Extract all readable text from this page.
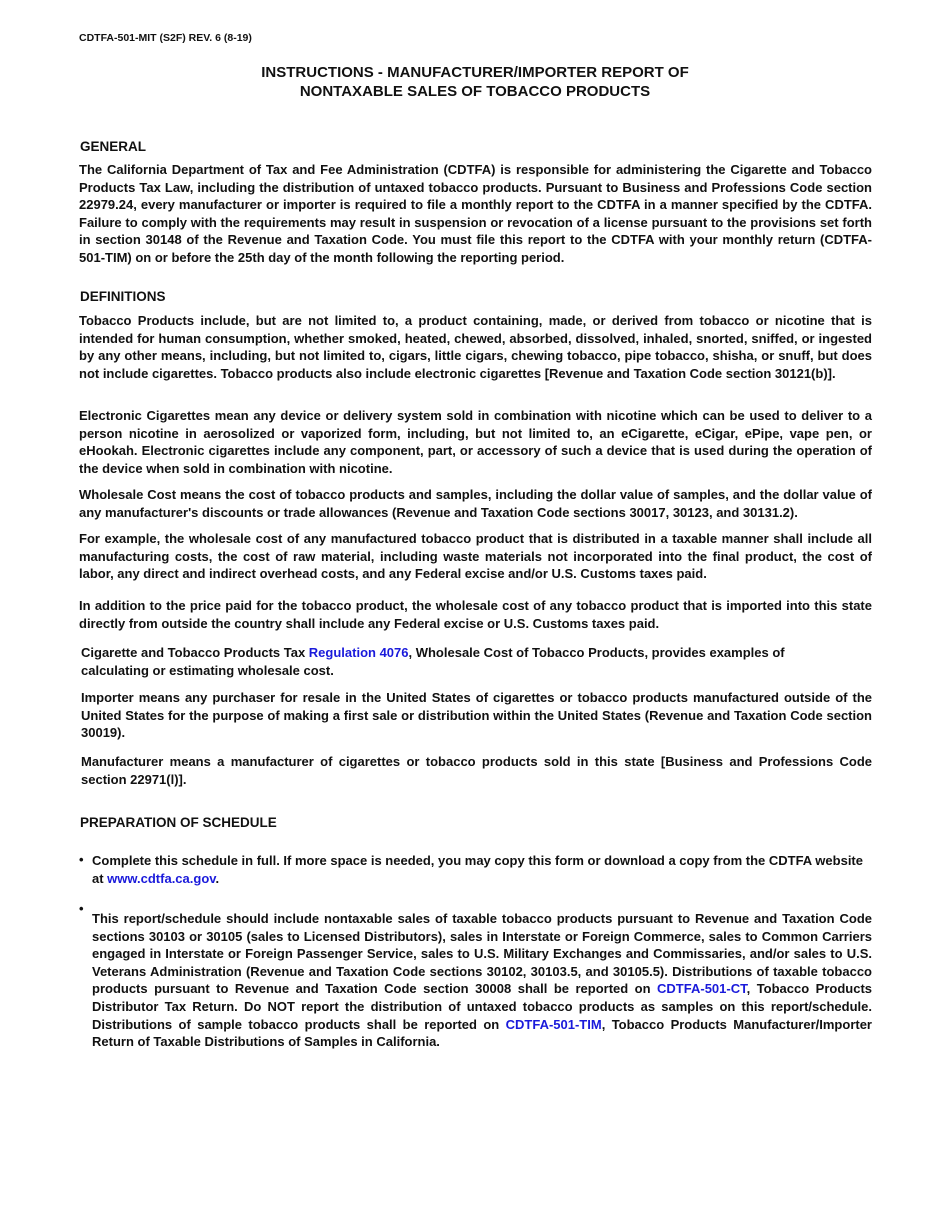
CDTFA-501-MIT (S2F) REV. 6 (8-19)
INSTRUCTIONS - MANUFACTURER/IMPORTER REPORT OF
NONTAXABLE SALES OF TOBACCO PRODUCTS
GENERAL

The California Department of Tax and Fee Administration (CDTFA) is responsible for administering the Cigarette and Tobacco Products Tax Law, including the distribution of untaxed tobacco products. Pursuant to Business and Professions Code section 22979.24, every manufacturer or importer is required to file a monthly report to the CDTFA in a manner specified by the CDTFA. Failure to comply with the requirements may result in suspension or revocation of a license pursuant to the provisions set forth in section 30148 of the Revenue and Taxation Code. You must file this report to the CDTFA with your monthly return (CDTFA-501-TIM) on or before the 25th day of the month following the reporting period.

DEFINITIONS

Tobacco Products include, but are not limited to, a product containing, made, or derived from tobacco or nicotine that is intended for human consumption, whether smoked, heated, chewed, absorbed, dissolved, inhaled, snorted, sniffed, or ingested by any other means, including, but not limited to, cigars, little cigars, chewing tobacco, pipe tobacco, shisha, or snuff, but does not include cigarettes. Tobacco products also include electronic cigarettes [Revenue and Taxation Code section 30121(b)].

Electronic Cigarettes mean any device or delivery system sold in combination with nicotine which can be used to deliver to a person nicotine in aerosolized or vaporized form, including, but not limited to, an eCigarette, eCigar, ePipe, vape pen, or eHookah. Electronic cigarettes include any component, part, or accessory of such a device that is used during the operation of the device when sold in combination with nicotine.

Wholesale Cost means the cost of tobacco products and samples, including the dollar value of samples, and the dollar value of any manufacturer's discounts or trade allowances (Revenue and Taxation Code sections 30017, 30123, and 30131.2).

For example, the wholesale cost of any manufactured tobacco product that is distributed in a taxable manner shall include all manufacturing costs, the cost of raw material, including waste materials not incorporated into the final product, the cost of labor, any direct and indirect overhead costs, and any Federal excise and/or U.S. Customs taxes paid.

In addition to the price paid for the tobacco product, the wholesale cost of any tobacco product that is imported into this state directly from outside the country shall include any Federal excise or U.S. Customs taxes paid.

Cigarette and Tobacco Products Tax Regulation 4076, Wholesale Cost of Tobacco Products, provides examples of calculating or estimating wholesale cost.

Importer means any purchaser for resale in the United States of cigarettes or tobacco products manufactured outside of the United States for the purpose of making a first sale or distribution within the United States (Revenue and Taxation Code section 30019).

Manufacturer means a manufacturer of cigarettes or tobacco products sold in this state [Business and Professions Code section 22971(l)].

PREPARATION OF SCHEDULE
• Complete this schedule in full. If more space is needed, you may copy this form or download a copy from the CDTFA website at www.cdtfa.ca.gov.

•

This report/schedule should include nontaxable sales of taxable tobacco products pursuant to Revenue and Taxation Code sections 30103 or 30105 (sales to Licensed Distributors), sales in Interstate or Foreign Commerce, sales to Common Carriers engaged in Interstate or Foreign Passenger Service, sales to U.S. Military Exchanges and Commissaries, and/or sales to U.S. Veterans Administration (Revenue and Taxation Code sections 30102, 30103.5, and 30105.5). Distributions of taxable tobacco products pursuant to Revenue and Taxation Code section 30008 shall be reported on CDTFA-501-CT, Tobacco Products Distributor Tax Return. Do NOT report the distribution of untaxed tobacco products as samples on this report/schedule. Distributions of sample tobacco products shall be reported on CDTFA-501-TIM, Tobacco Products Manufacturer/Importer Return of Taxable Distributions of Samples in California.
